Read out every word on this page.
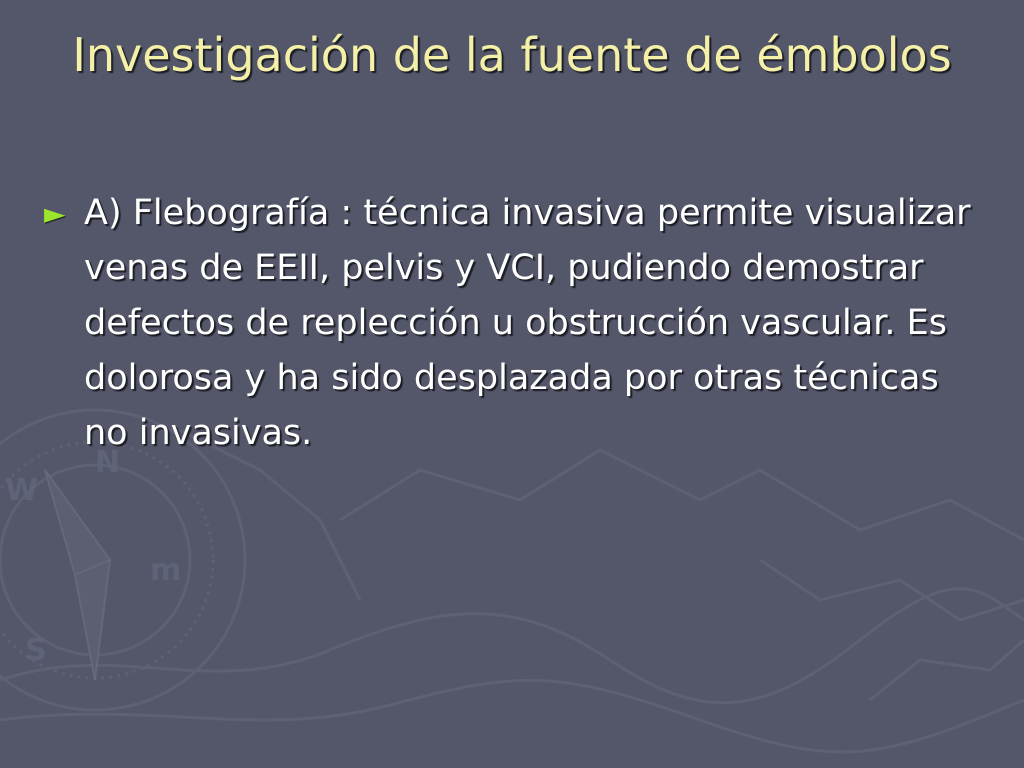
W
N
S
m
Investigación de la fuente de émbolos
► A) Flebografía : técnica invasiva permite visualizar venas de EEII, pelvis y VCI, pudiendo demostrar defectos de replección u obstrucción vascular. Es dolorosa y ha sido desplazada por otras técnicas no invasivas.
